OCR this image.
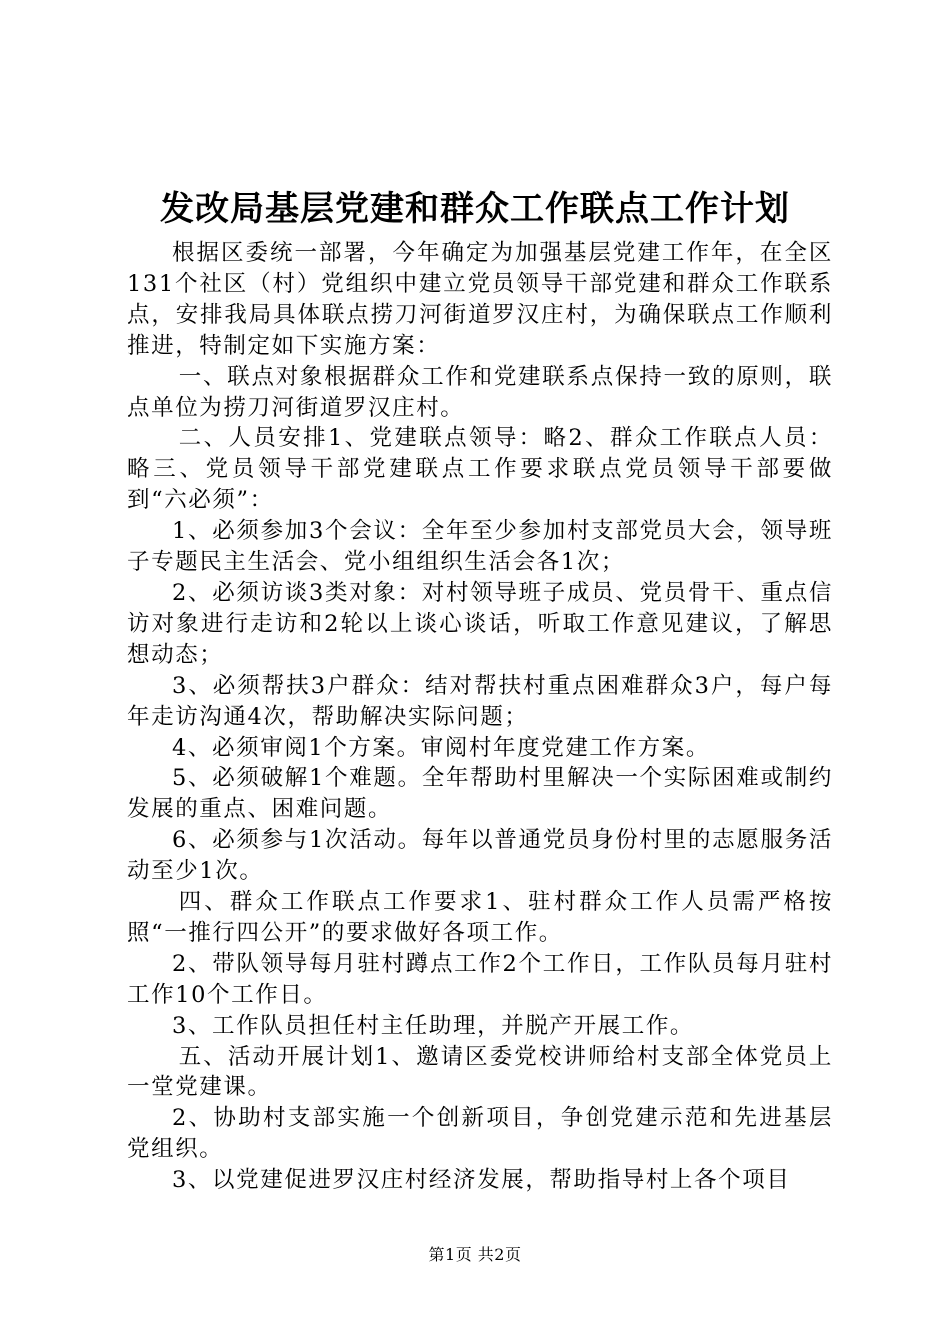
发改局基层党建和群众工作联点工作计划

根据区委统一部署，今年确定为加强基层党建工作年，在全区131个社区（村）党组织中建立党员领导干部党建和群众工作联系点，安排我局具体联点捞刀河街道罗汉庄村，为确保联点工作顺利推进，特制定如下实施方案：

一、联点对象根据群众工作和党建联系点保持一致的原则，联点单位为捞刀河街道罗汉庄村。

二、人员安排1、党建联点领导：略2、群众工作联点人员：略三、党员领导干部党建联点工作要求联点党员领导干部要做到“六必须”：

1、必须参加3个会议：全年至少参加村支部党员大会，领导班子专题民主生活会、党小组组织生活会各1次；

2、必须访谈3类对象：对村领导班子成员、党员骨干、重点信访对象进行走访和2轮以上谈心谈话，听取工作意见建议，了解思想动态；

3、必须帮扶3户群众：结对帮扶村重点困难群众3户，每户每年走访沟通4次，帮助解决实际问题；

4、必须审阅1个方案。审阅村年度党建工作方案。

5、必须破解1个难题。全年帮助村里解决一个实际困难或制约发展的重点、困难问题。

6、必须参与1次活动。每年以普通党员身份村里的志愿服务活动至少1次。

四、群众工作联点工作要求1、驻村群众工作人员需严格按照“一推行四公开”的要求做好各项工作。

2、带队领导每月驻村蹲点工作2个工作日，工作队员每月驻村工作10个工作日。

3、工作队员担任村主任助理，并脱产开展工作。

五、活动开展计划1、邀请区委党校讲师给村支部全体党员上一堂党建课。

2、协助村支部实施一个创新项目，争创党建示范和先进基层党组织。

3、以党建促进罗汉庄村经济发展，帮助指导村上各个项目

第1页 共2页
